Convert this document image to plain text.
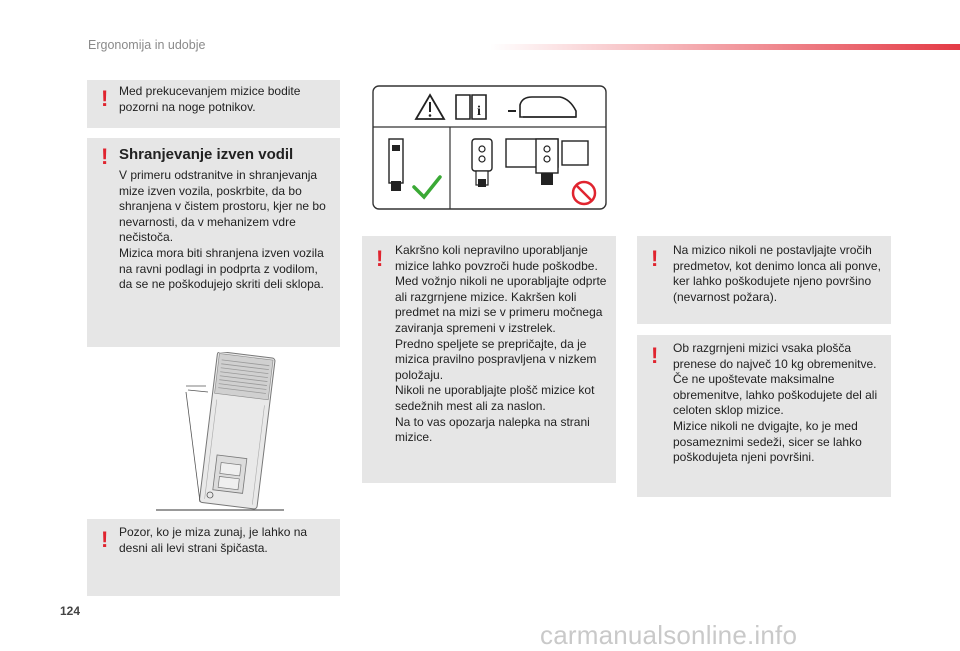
Ergonomija in udobje
! Med prekucevanjem mizice bodite pozorni na noge potnikov.
! Shranjevanje izven vodil

V primeru odstranitve in shranjevanja mize izven vozila, poskrbite, da bo shranjena v čistem prostoru, kjer ne bo nevarnosti, da v mehanizem vdre nečistoča.

Mizica mora biti shranjena izven vozila na ravni podlagi in podprta z vodilom, da se ne poškodujejo skriti deli sklopa.

! Pozor, ko je miza zunaj, je lahko na desni ali levi strani špičasta.
i
! Kakršno koli nepravilno uporabljanje mizice lahko povzroči hude poškodbe.

Med vožnjo nikoli ne uporabljajte odprte ali razgrnjene mizice. Kakršen koli predmet na mizi se v primeru močnega zaviranja spremeni v izstrelek.

Predno speljete se prepričajte, da je mizica pravilno pospravljena v nizkem položaju.

Nikoli ne uporabljajte plošč mizice kot sedežnih mest ali za naslon.

Na to vas opozarja nalepka na strani mizice.

! Na mizico nikoli ne postavljajte vročih predmetov, kot denimo lonca ali ponve, ker lahko poškodujete njeno površino (nevarnost požara).
! Ob razgrnjeni mizici vsaka plošča prenese do največ 10 kg obremenitve.

Če ne upoštevate maksimalne obremenitve, lahko poškodujete del ali celoten sklop mizice.

Mizice nikoli ne dvigajte, ko je med posameznimi sedeži, sicer se lahko poškodujeta njeni površini.

124
carmanualsonline.info
